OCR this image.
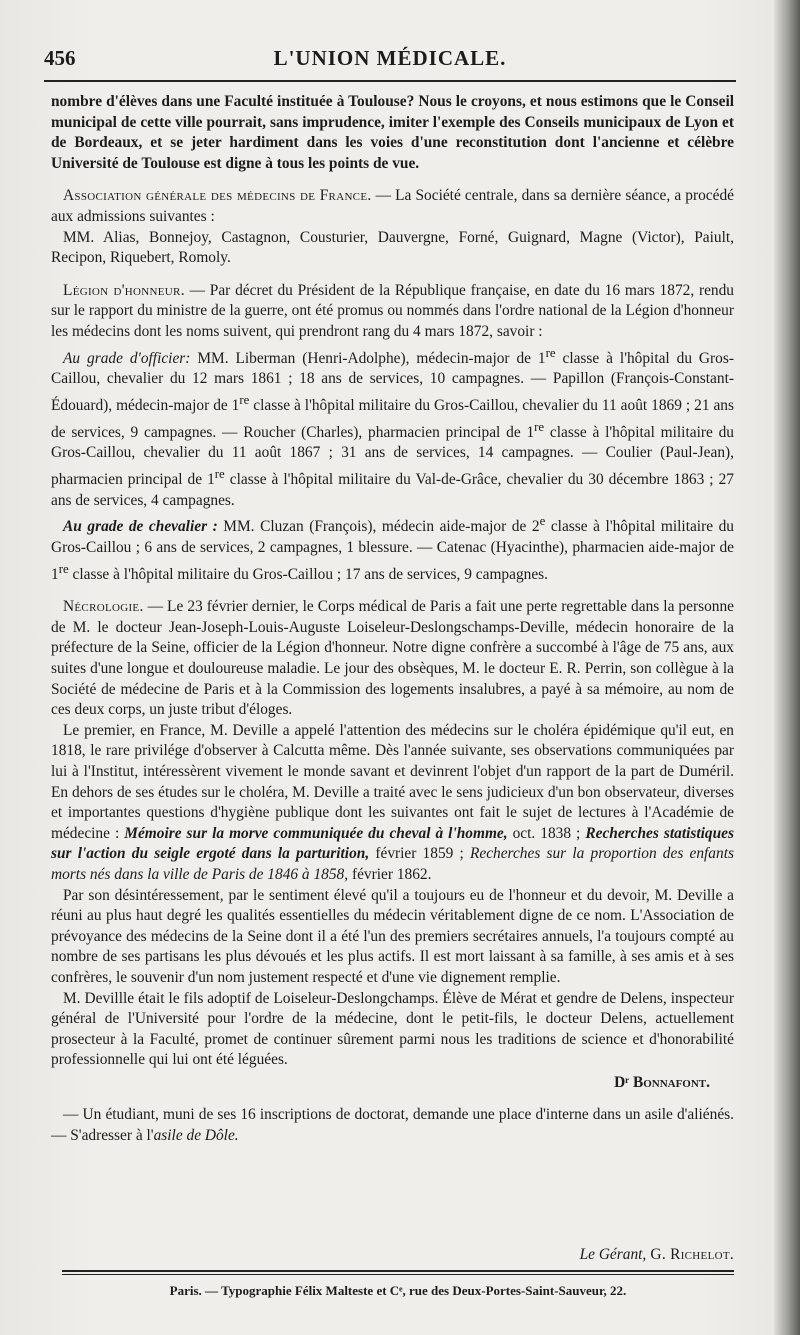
456	L'UNION MÉDICALE.

nombre d'élèves dans une Faculté instituée à Toulouse? Nous le croyons, et nous estimons que le Conseil municipal de cette ville pourrait, sans imprudence, imiter l'exemple des Conseils municipaux de Lyon et de Bordeaux, et se jeter hardiment dans les voies d'une reconstitution dont l'ancienne et célèbre Université de Toulouse est digne à tous les points de vue.

Association générale des médecins de France. — La Société centrale, dans sa dernière séance, a procédé aux admissions suivantes :

MM. Alias, Bonnejoy, Castagnon, Cousturier, Dauvergne, Forné, Guignard, Magne (Victor), Paiult, Recipon, Riquebert, Romoly.

Légion d'honneur. — Par décret du Président de la République française, en date du 16 mars 1872, rendu sur le rapport du ministre de la guerre, ont été promus ou nommés dans l'ordre national de la Légion d'honneur les médecins dont les noms suivent, qui prendront rang du 4 mars 1872, savoir :

Au grade d'officier: MM. Liberman (Henri-Adolphe), médecin-major de 1re classe à l'hôpital du Gros-Caillou, chevalier du 12 mars 1861 ; 18 ans de services, 10 campagnes. — Papillon (François-Constant-Édouard), médecin-major de 1re classe à l'hôpital militaire du Gros-Caillou, chevalier du 11 août 1869 ; 21 ans de services, 9 campagnes. — Roucher (Charles), pharmacien principal de 1re classe à l'hôpital militaire du Gros-Caillou, chevalier du 11 août 1867 ; 31 ans de services, 14 campagnes. — Coulier (Paul-Jean), pharmacien principal de 1re classe à l'hôpital militaire du Val-de-Grâce, chevalier du 30 décembre 1863 ; 27 ans de services, 4 campagnes.

Au grade de chevalier : MM. Cluzan (François), médecin aide-major de 2e classe à l'hôpital militaire du Gros-Caillou ; 6 ans de services, 2 campagnes, 1 blessure. — Catenac (Hyacinthe), pharmacien aide-major de 1re classe à l'hôpital militaire du Gros-Caillou ; 17 ans de services, 9 campagnes.

Nécrologie. — Le 23 février dernier, le Corps médical de Paris a fait une perte regrettable dans la personne de M. le docteur Jean-Joseph-Louis-Auguste Loiseleur-Deslongschamps-Deville, médecin honoraire de la préfecture de la Seine, officier de la Légion d'honneur. Notre digne confrère a succombé à l'âge de 75 ans, aux suites d'une longue et douloureuse maladie. Le jour des obsèques, M. le docteur E. R. Perrin, son collègue à la Société de médecine de Paris et à la Commission des logements insalubres, a payé à sa mémoire, au nom de ces deux corps, un juste tribut d'éloges.

Le premier, en France, M. Deville a appelé l'attention des médecins sur le choléra épidémique qu'il eut, en 1818, le rare privilége d'observer à Calcutta même. Dès l'année suivante, ses observations communiquées par lui à l'Institut, intéressèrent vivement le monde savant et devinrent l'objet d'un rapport de la part de Duméril. En dehors de ses études sur le choléra, M. Deville a traité avec le sens judicieux d'un bon observateur, diverses et importantes questions d'hygiène publique dont les suivantes ont fait le sujet de lectures à l'Académie de médecine : Mémoire sur la morve communiquée du cheval à l'homme, oct. 1838 ; Recherches statistiques sur l'action du seigle ergoté dans la parturition, février 1859 ; Recherches sur la proportion des enfants morts nés dans la ville de Paris de 1846 à 1858, février 1862.

Par son désintéressement, par le sentiment élevé qu'il a toujours eu de l'honneur et du devoir, M. Deville a réuni au plus haut degré les qualités essentielles du médecin véritablement digne de ce nom. L'Association de prévoyance des médecins de la Seine dont il a été l'un des premiers secrétaires annuels, l'a toujours compté au nombre de ses partisans les plus dévoués et les plus actifs. Il est mort laissant à sa famille, à ses amis et à ses confrères, le souvenir d'un nom justement respecté et d'une vie dignement remplie.

M. Devillle était le fils adoptif de Loiseleur-Deslongchamps. Élève de Mérat et gendre de Delens, inspecteur général de l'Université pour l'ordre de la médecine, dont le petit-fils, le docteur Delens, actuellement prosecteur à la Faculté, promet de continuer sûrement parmi nous les traditions de science et d'honorabilité professionnelle qui lui ont été léguées.

Dʳ Bonnafont.

— Un étudiant, muni de ses 16 inscriptions de doctorat, demande une place d'interne dans un asile d'aliénés. — S'adresser à l'asile de Dôle.

Le Gérant, G. Richelot.
Paris. — Typographie Félix Malteste et Cᵉ, rue des Deux-Portes-Saint-Sauveur, 22.
